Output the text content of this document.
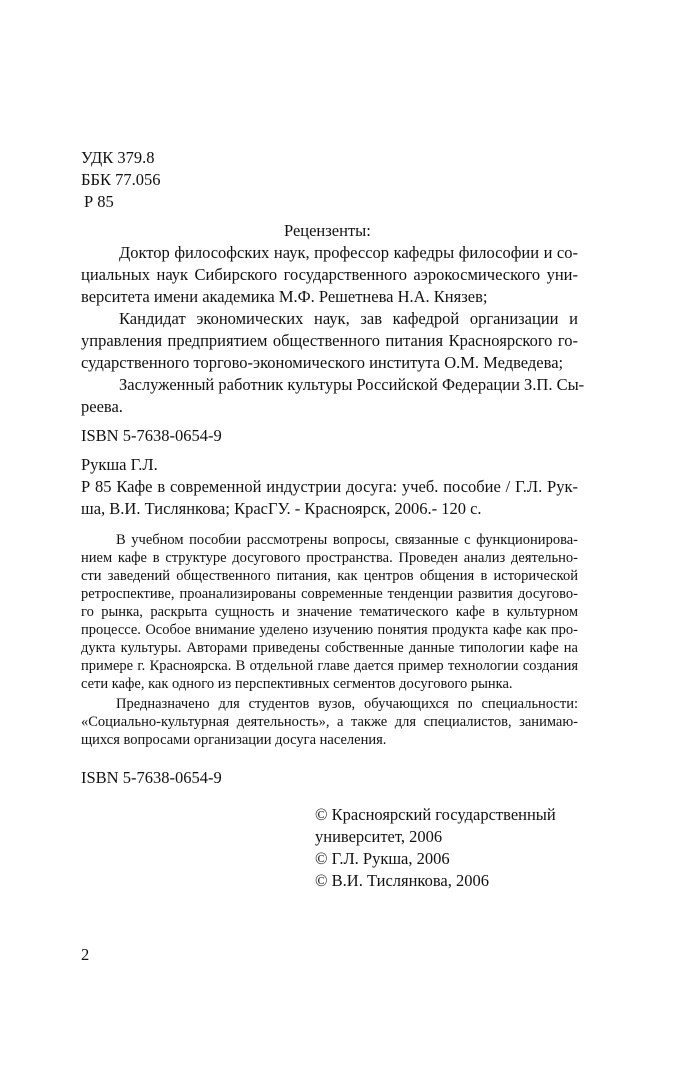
УДК 379.8
ББК 77.056
Р 85
Рецензенты:
Доктор философских наук, профессор кафедры философии и со-
циальных наук Сибирского государственного аэрокосмического уни-
верситета имени академика М.Ф. Решетнева Н.А. Князев;
Кандидат экономических наук, зав кафедрой организации и
управления предприятием общественного питания Красноярского го-
сударственного торгово-экономического института О.М. Медведева;
Заслуженный работник культуры Российской Федерации З.П. Сы-
реева.
ISBN 5-7638-0654-9
Рукша Г.Л.
Р 85 Кафе в современной индустрии досуга: учеб. пособие / Г.Л. Рук-
ша, В.И. Тислянкова; КрасГУ. - Красноярск, 2006.- 120 с.
В учебном пособии рассмотрены вопросы, связанные с функционирова-
нием кафе в структуре досугового пространства. Проведен анализ деятельно-
сти заведений общественного питания, как центров общения в исторической
ретроспективе, проанализированы современные тенденции развития досугово-
го рынка, раскрыта сущность и значение тематического кафе в культурном
процессе. Особое внимание уделено изучению понятия продукта кафе как про-
дукта культуры. Авторами приведены собственные данные типологии кафе на
примере г. Красноярска. В отдельной главе дается пример технологии создания
сети кафе, как одного из перспективных сегментов досугового рынка.
Предназначено для студентов вузов, обучающихся по специальности:
«Социально-культурная деятельность», а также для специалистов, занимаю-
щихся вопросами организации досуга населения.
ISBN 5-7638-0654-9
© Красноярский государственный
университет, 2006
© Г.Л. Рукша, 2006
© В.И. Тислянкова, 2006
2
